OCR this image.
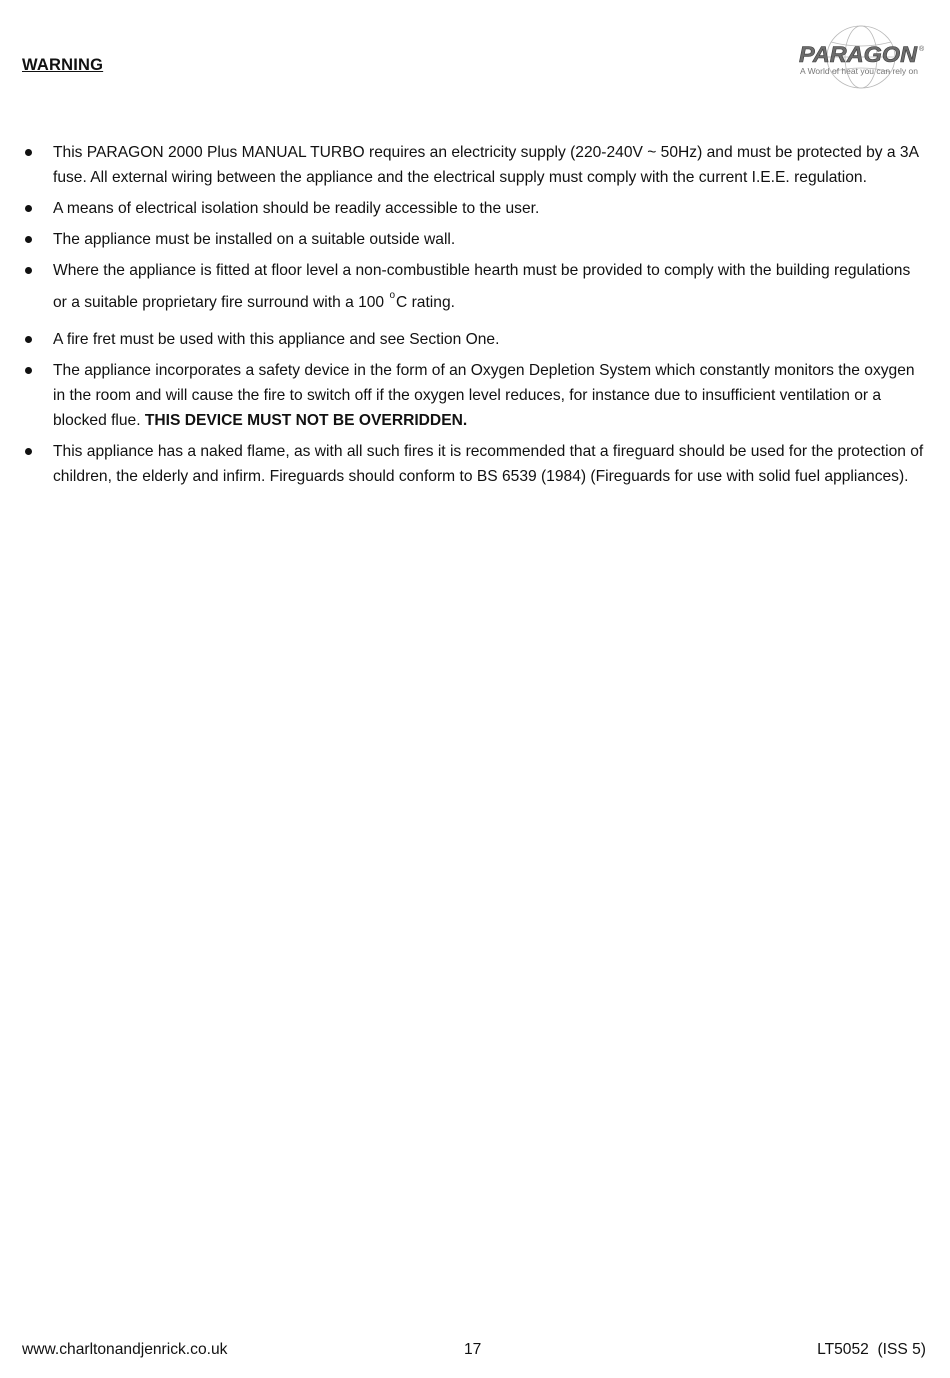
WARNING	PARAGON ®
A World of heat you can rely on
This PARAGON 2000 Plus MANUAL TURBO requires an electricity supply (220-240V ~ 50Hz) and must be protected by a 3A fuse. All external wiring between the appliance and the electrical supply must comply with the current I.E.E. regulation.
A means of electrical isolation should be readily accessible to the user.
The appliance must be installed on a suitable outside wall.
Where the appliance is fitted at floor level a non-combustible hearth must be provided to comply with the building regulations or a suitable proprietary fire surround with a 100 $^o$C rating.
A fire fret must be used with this appliance and see Section One.
The appliance incorporates a safety device in the form of an Oxygen Depletion System which constantly monitors the oxygen in the room and will cause the fire to switch off if the oxygen level reduces, for instance due to insufficient ventilation or a blocked flue. THIS DEVICE MUST NOT BE OVERRIDDEN.
This appliance has a naked flame, as with all such fires it is recommended that a fireguard should be used for the protection of children, the elderly and infirm. Fireguards should conform to BS 6539 (1984) (Fireguards for use with solid fuel appliances).
www.charltonandjenrick.co.uk	17	LT5052  (ISS 5)
